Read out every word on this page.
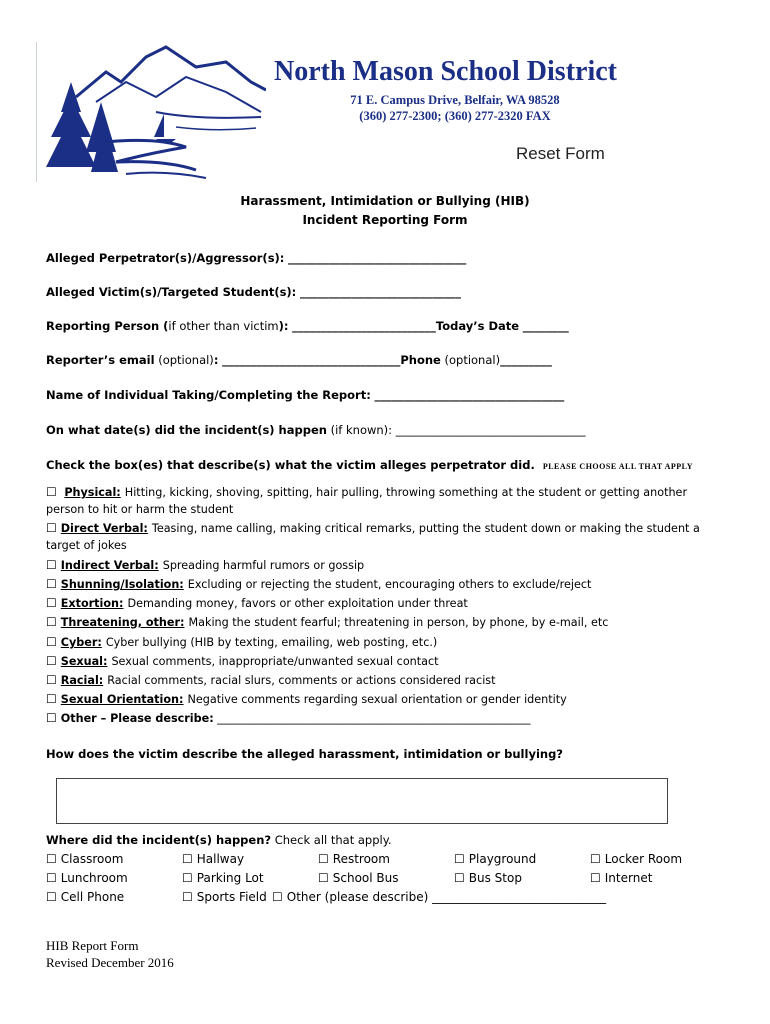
North Mason School District
71 E. Campus Drive, Belfair, WA 98528
(360) 277-2300; (360) 277-2320 FAX
Reset Form
Harassment, Intimidation or Bullying (HIB)
Incident Reporting Form
Alleged Perpetrator(s)/Aggressor(s): _______________________________
Alleged Victim(s)/Targeted Student(s): ____________________________
Reporting Person (if other than victim): _________________________Today’s Date ________
Reporter’s email (optional): _______________________________Phone (optional)_________
Name of Individual Taking/Completing the Report: _________________________________
On what date(s) did the incident(s) happen (if known): _________________________________
Check the box(es) that describe(s) what the victim alleges perpetrator did. PLEASE CHOOSE ALL THAT APPLY
☐ Physical: Hitting, kicking, shoving, spitting, hair pulling, throwing something at the student or getting another person to hit or harm the student
☐ Direct Verbal: Teasing, name calling, making critical remarks, putting the student down or making the student a target of jokes
☐ Indirect Verbal: Spreading harmful rumors or gossip
☐ Shunning/Isolation: Excluding or rejecting the student, encouraging others to exclude/reject
☐ Extortion: Demanding money, favors or other exploitation under threat
☐ Threatening, other: Making the student fearful; threatening in person, by phone, by e-mail, etc
☐ Cyber: Cyber bullying (HIB by texting, emailing, web posting, etc.)
☐ Sexual: Sexual comments, inappropriate/unwanted sexual contact
☐ Racial: Racial comments, racial slurs, comments or actions considered racist
☐ Sexual Orientation: Negative comments regarding sexual orientation or gender identity
☐ Other – Please describe: ________________________________________________________
How does the victim describe the alleged harassment, intimidation or bullying?
Where did the incident(s) happen? Check all that apply.
☐ Classroom	☐ Hallway	☐ Restroom	☐ Playground	☐ Locker Room
☐ Lunchroom	☐ Parking Lot	☐ School Bus	☐ Bus Stop	☐ Internet
☐ Cell Phone	☐ Sports Field ☐ Other (please describe) _____________________________
HIB Report Form
Revised December 2016
